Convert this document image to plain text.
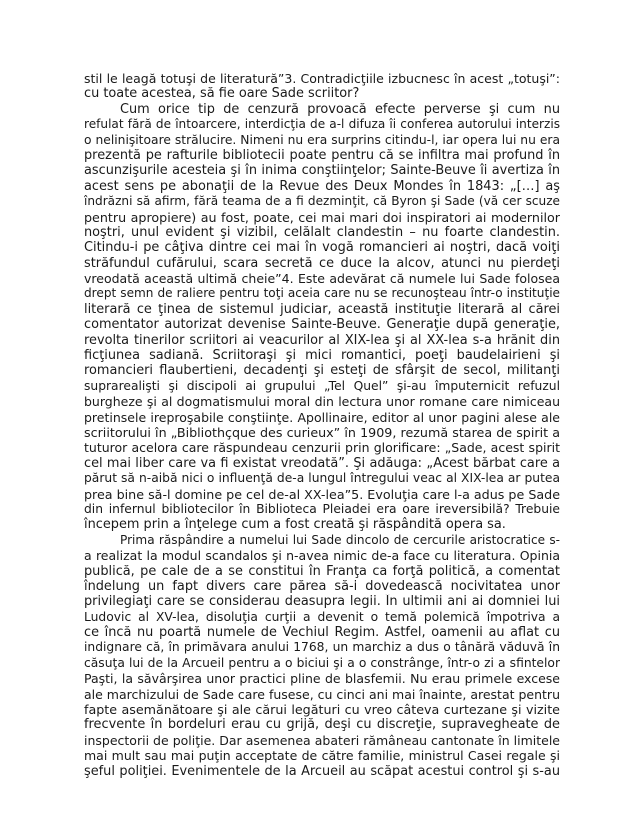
stil le leagă totuşi de literatură”3. Contradicţiile izbucnesc în acest „totuşi”:
cu toate acestea, să fie oare Sade scriitor?
Cum orice tip de cenzură provoacă efecte perverse şi cum nu
refulat fără de întoarcere, interdicţia de a-l difuza îi conferea autorului interzis
o nelinişitoare strălucire. Nimeni nu era surprins citindu-l, iar opera lui nu era
prezentă pe rafturile bibliotecii poate pentru că se infiltra mai profund în
ascunzişurile acesteia şi în inima conştiinţelor; Sainte-Beuve îi avertiza în
acest sens pe abonaţii de la Revue des Deux Mondes în 1843: „[…] aş
îndrăzni să afirm, fără teama de a fi dezminţit, că Byron şi Sade (vă cer scuze
pentru apropiere) au fost, poate, cei mai mari doi inspiratori ai modernilor
noştri, unul evident şi vizibil, celălalt clandestin – nu foarte clandestin.
Citindu-i pe câţiva dintre cei mai în vogă romancieri ai noştri, dacă voiţi
străfundul cufărului, scara secretă ce duce la alcov, atunci nu pierdeţi
vreodată această ultimă cheie”4. Este adevărat că numele lui Sade folosea
drept semn de raliere pentru toţi aceia care nu se recunoşteau într-o instituţie
literară ce ţinea de sistemul judiciar, această instituţie literară al cărei
comentator autorizat devenise Sainte-Beuve. Generaţie după generaţie,
revolta tinerilor scriitori ai veacurilor al XIX-lea şi al XX-lea s-a hrănit din
ficţiunea sadiană. Scriitoraşi şi mici romantici, poeţi baudelairieni şi
romancieri flaubertieni, decadenţi şi esteţi de sfârşit de secol, militanţi
suprarealişti şi discipoli ai grupului „Tel Quel” şi-au împuternicit refuzul
burgheze şi al dogmatismului moral din lectura unor romane care nimiceau
pretinsele ireproşabile conştiinţe. Apollinaire, editor al unor pagini alese ale
scriitorului în „Bibliothçque des curieux” în 1909, rezumă starea de spirit a
tuturor acelora care răspundeau cenzurii prin glorificare: „Sade, acest spirit
cel mai liber care va fi existat vreodată”. Şi adăuga: „Acest bărbat care a
părut să n-aibă nici o influenţă de-a lungul întregului veac al XIX-lea ar putea
prea bine să-l domine pe cel de-al XX-lea”5. Evoluţia care l-a adus pe Sade
din infernul bibliotecilor în Biblioteca Pleiadei era oare ireversibilă? Trebuie
începem prin a înţelege cum a fost creată şi răspândită opera sa.
Prima răspândire a numelui lui Sade dincolo de cercurile aristocratice s-
a realizat la modul scandalos şi n-avea nimic de-a face cu literatura. Opinia
publică, pe cale de a se constitui în Franţa ca forţă politică, a comentat
îndelung un fapt divers care părea să-i dovedească nocivitatea unor
privilegiaţi care se considerau deasupra legii. În ultimii ani ai domniei lui
Ludovic al XV-lea, disoluţia curţii a devenit o temă polemică împotriva a
ce încă nu poartă numele de Vechiul Regim. Astfel, oamenii au aflat cu
indignare că, în primăvara anului 1768, un marchiz a dus o tânără văduvă în
căsuţa lui de la Arcueil pentru a o biciui şi a o constrânge, într-o zi a sfintelor
Paşti, la săvârşirea unor practici pline de blasfemii. Nu erau primele excese
ale marchizului de Sade care fusese, cu cinci ani mai înainte, arestat pentru
fapte asemănătoare şi ale cărui legături cu vreo câteva curtezane şi vizite
frecvente în bordeluri erau cu grijă, deşi cu discreţie, supravegheate de
inspectorii de poliţie. Dar asemenea abateri rămâneau cantonate în limitele
mai mult sau mai puţin acceptate de către familie, ministrul Casei regale şi
şeful poliţiei. Evenimentele de la Arcueil au scăpat acestui control şi s-au
